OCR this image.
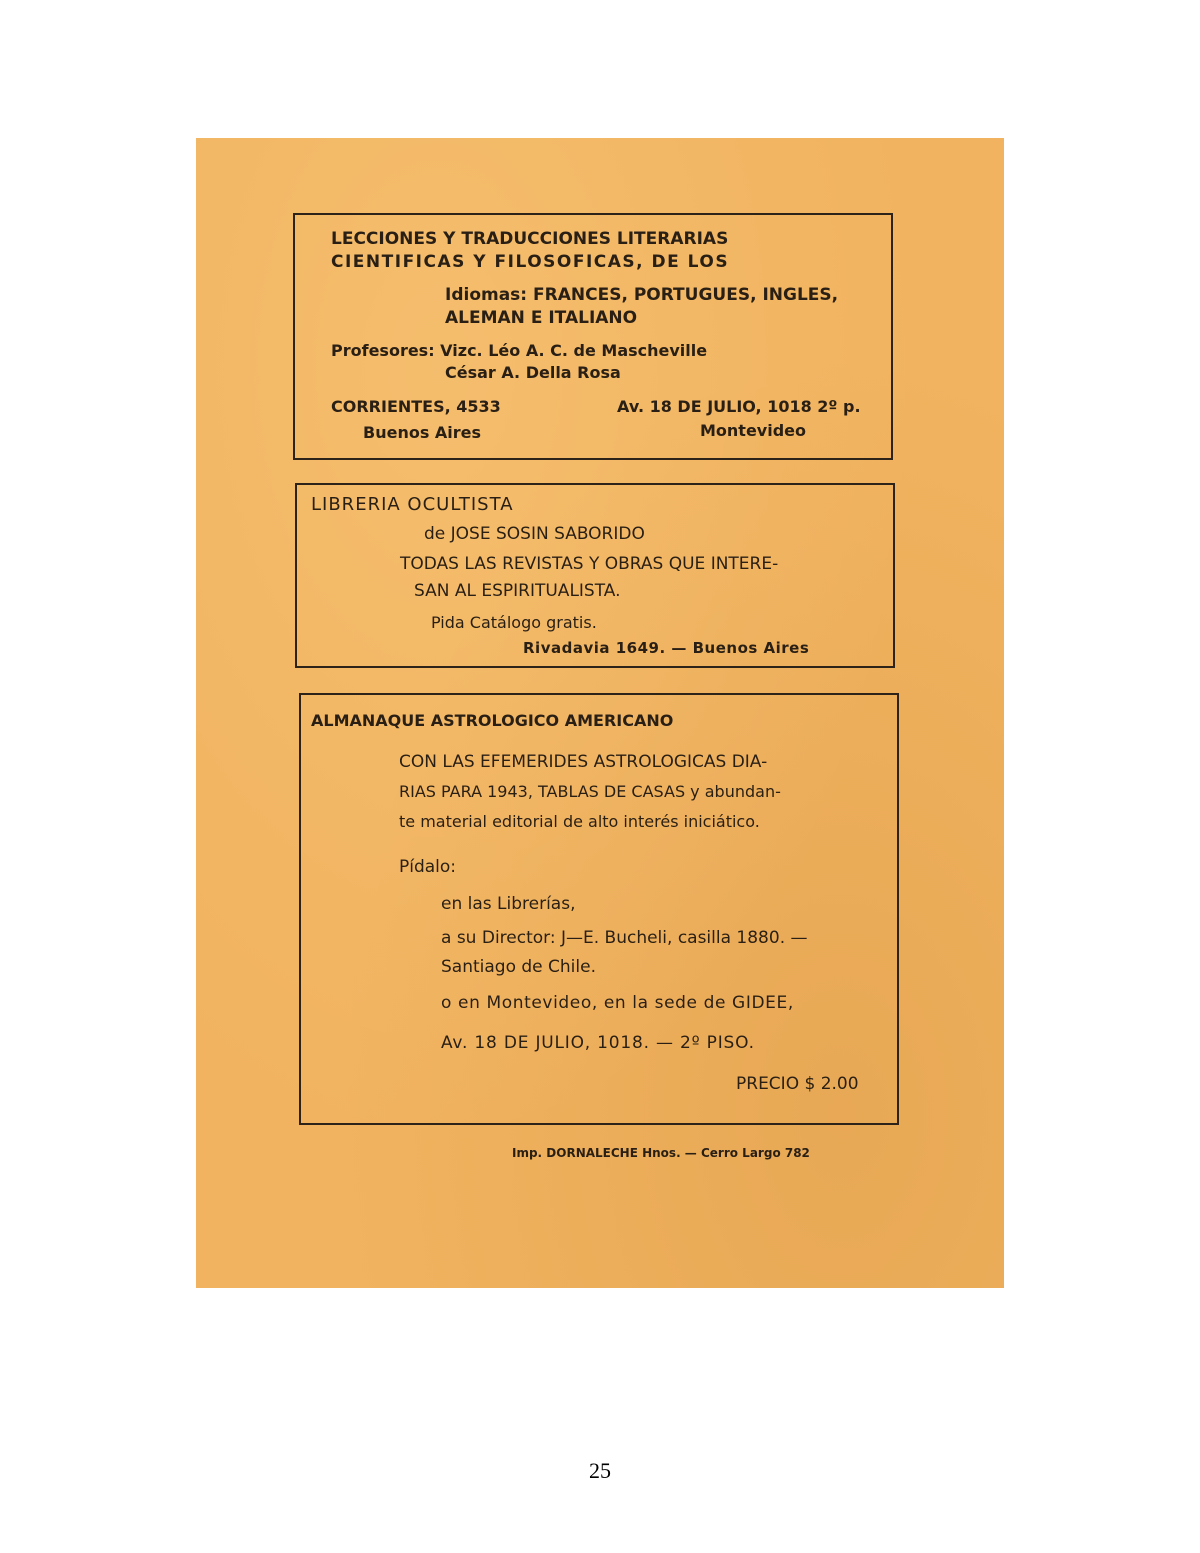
LECCIONES Y TRADUCCIONES LITERARIAS
CIENTIFICAS Y FILOSOFICAS, DE LOS
Idiomas: FRANCES, PORTUGUES, INGLES,
ALEMAN E ITALIANO
Profesores: Vizc. Léo A. C. de Mascheville
César A. Della Rosa
CORRIENTES, 4533	Av. 18 DE JULIO, 1018 2º p.
Buenos Aires	Montevideo
LIBRERIA OCULTISTA
de JOSE SOSIN SABORIDO
TODAS LAS REVISTAS Y OBRAS QUE INTERE-
SAN AL ESPIRITUALISTA.
Pida Catálogo gratis.
Rivadavia 1649. — Buenos Aires
ALMANAQUE ASTROLOGICO AMERICANO
CON LAS EFEMERIDES ASTROLOGICAS DIA-
RIAS PARA 1943, TABLAS DE CASAS y abundan-
te material editorial de alto interés iniciático.
Pídalo:
en las Librerías,
a su Director: J—E. Bucheli, casilla 1880. —
Santiago de Chile.
o en Montevideo, en la sede de GIDEE,
Av. 18 DE JULIO, 1018. — 2º PISO.
PRECIO $ 2.00
Imp. DORNALECHE Hnos. — Cerro Largo 782
25
